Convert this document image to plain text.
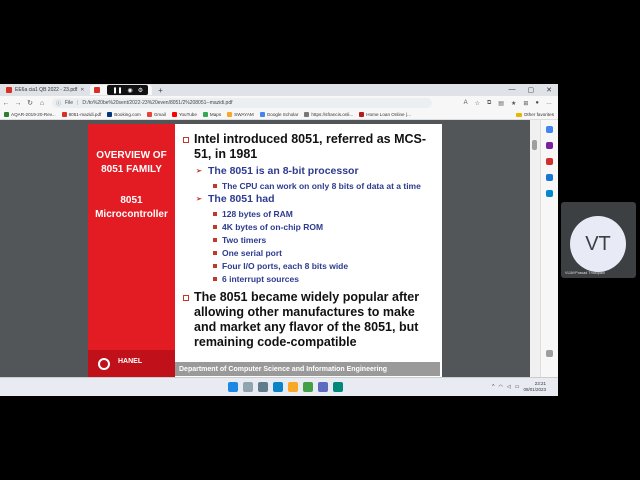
EE6a cia1 QB 2022 - 23.pdf ✕	❚❚ ◉ ⚙ +	— ▢ ✕
← → ↻ ⌂	ⓘ File | D:/to%20be%20sent/2022-23%20even/8051/2%208051--mazidi.pdf	A ☆ ⧉ ▤ ★ ⊞ ● …
AQAR-2019-20-Rev...	8051-mazidi.pdf	Booking.com	Gmail	YouTube	Maps	SWAYAM	Google Scholar	https://sfrancis.onli...	Home Loan Online |...	Other favorites
OVERVIEW OF 8051 FAMILY
8051 Microcontroller
HANEL
Intel introduced 8051, referred as MCS-51, in 1981
➢ The 8051 is an 8-bit processor
The CPU can work on only 8 bits of data at a time
➢ The 8051 had
128 bytes of RAM
4K bytes of on-chip ROM
Two timers
One serial port
Four I/O ports, each 8 bits wide
6 interrupt sources
The 8051 became widely popular after allowing other manufactures to make and market any flavor of the 8051, but remaining code-compatible
Department of Computer Science and Information Engineering
^ ◠ ◁ ▭
23:21
08/01/2023
VT
VIJAYPrasad Thulupalli
